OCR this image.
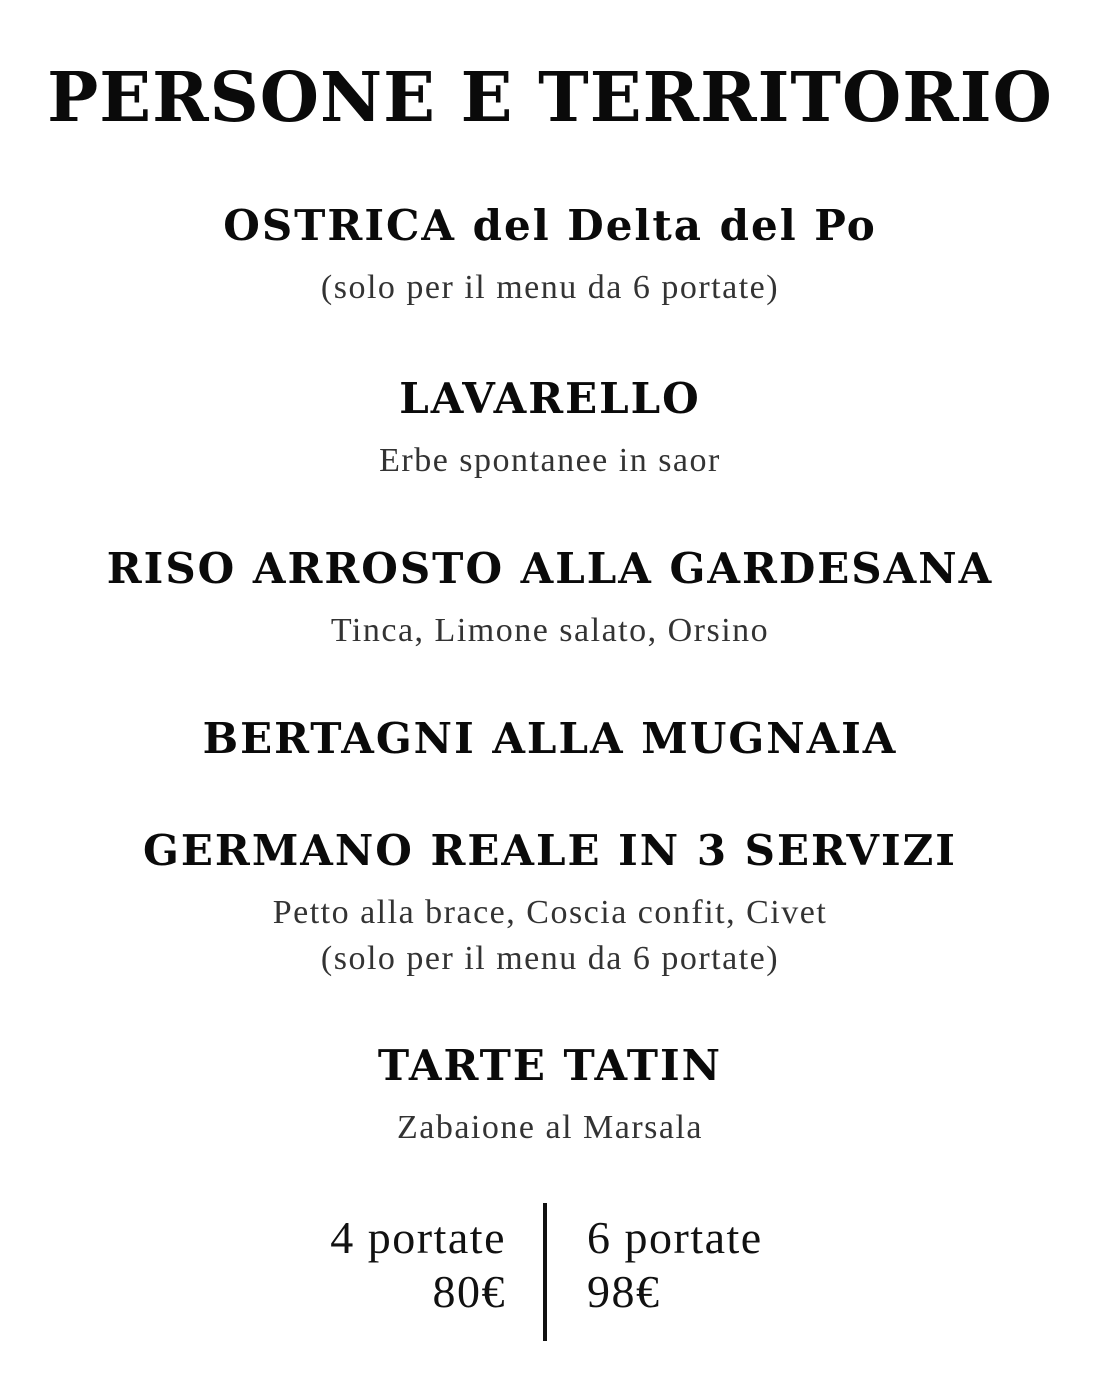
PERSONE E TERRITORIO

OSTRICA del Delta del Po

(solo per il menu da 6 portate)

LAVARELLO

Erbe spontanee in saor

RISO ARROSTO ALLA GARDESANA

Tinca, Limone salato, Orsino

BERTAGNI ALLA MUGNAIA

GERMANO REALE IN 3 SERVIZI

Petto alla brace, Coscia confit, Civet

(solo per il menu da 6 portate)

TARTE TATIN

Zabaione al Marsala

4 portate
80€
6 portate
98€
